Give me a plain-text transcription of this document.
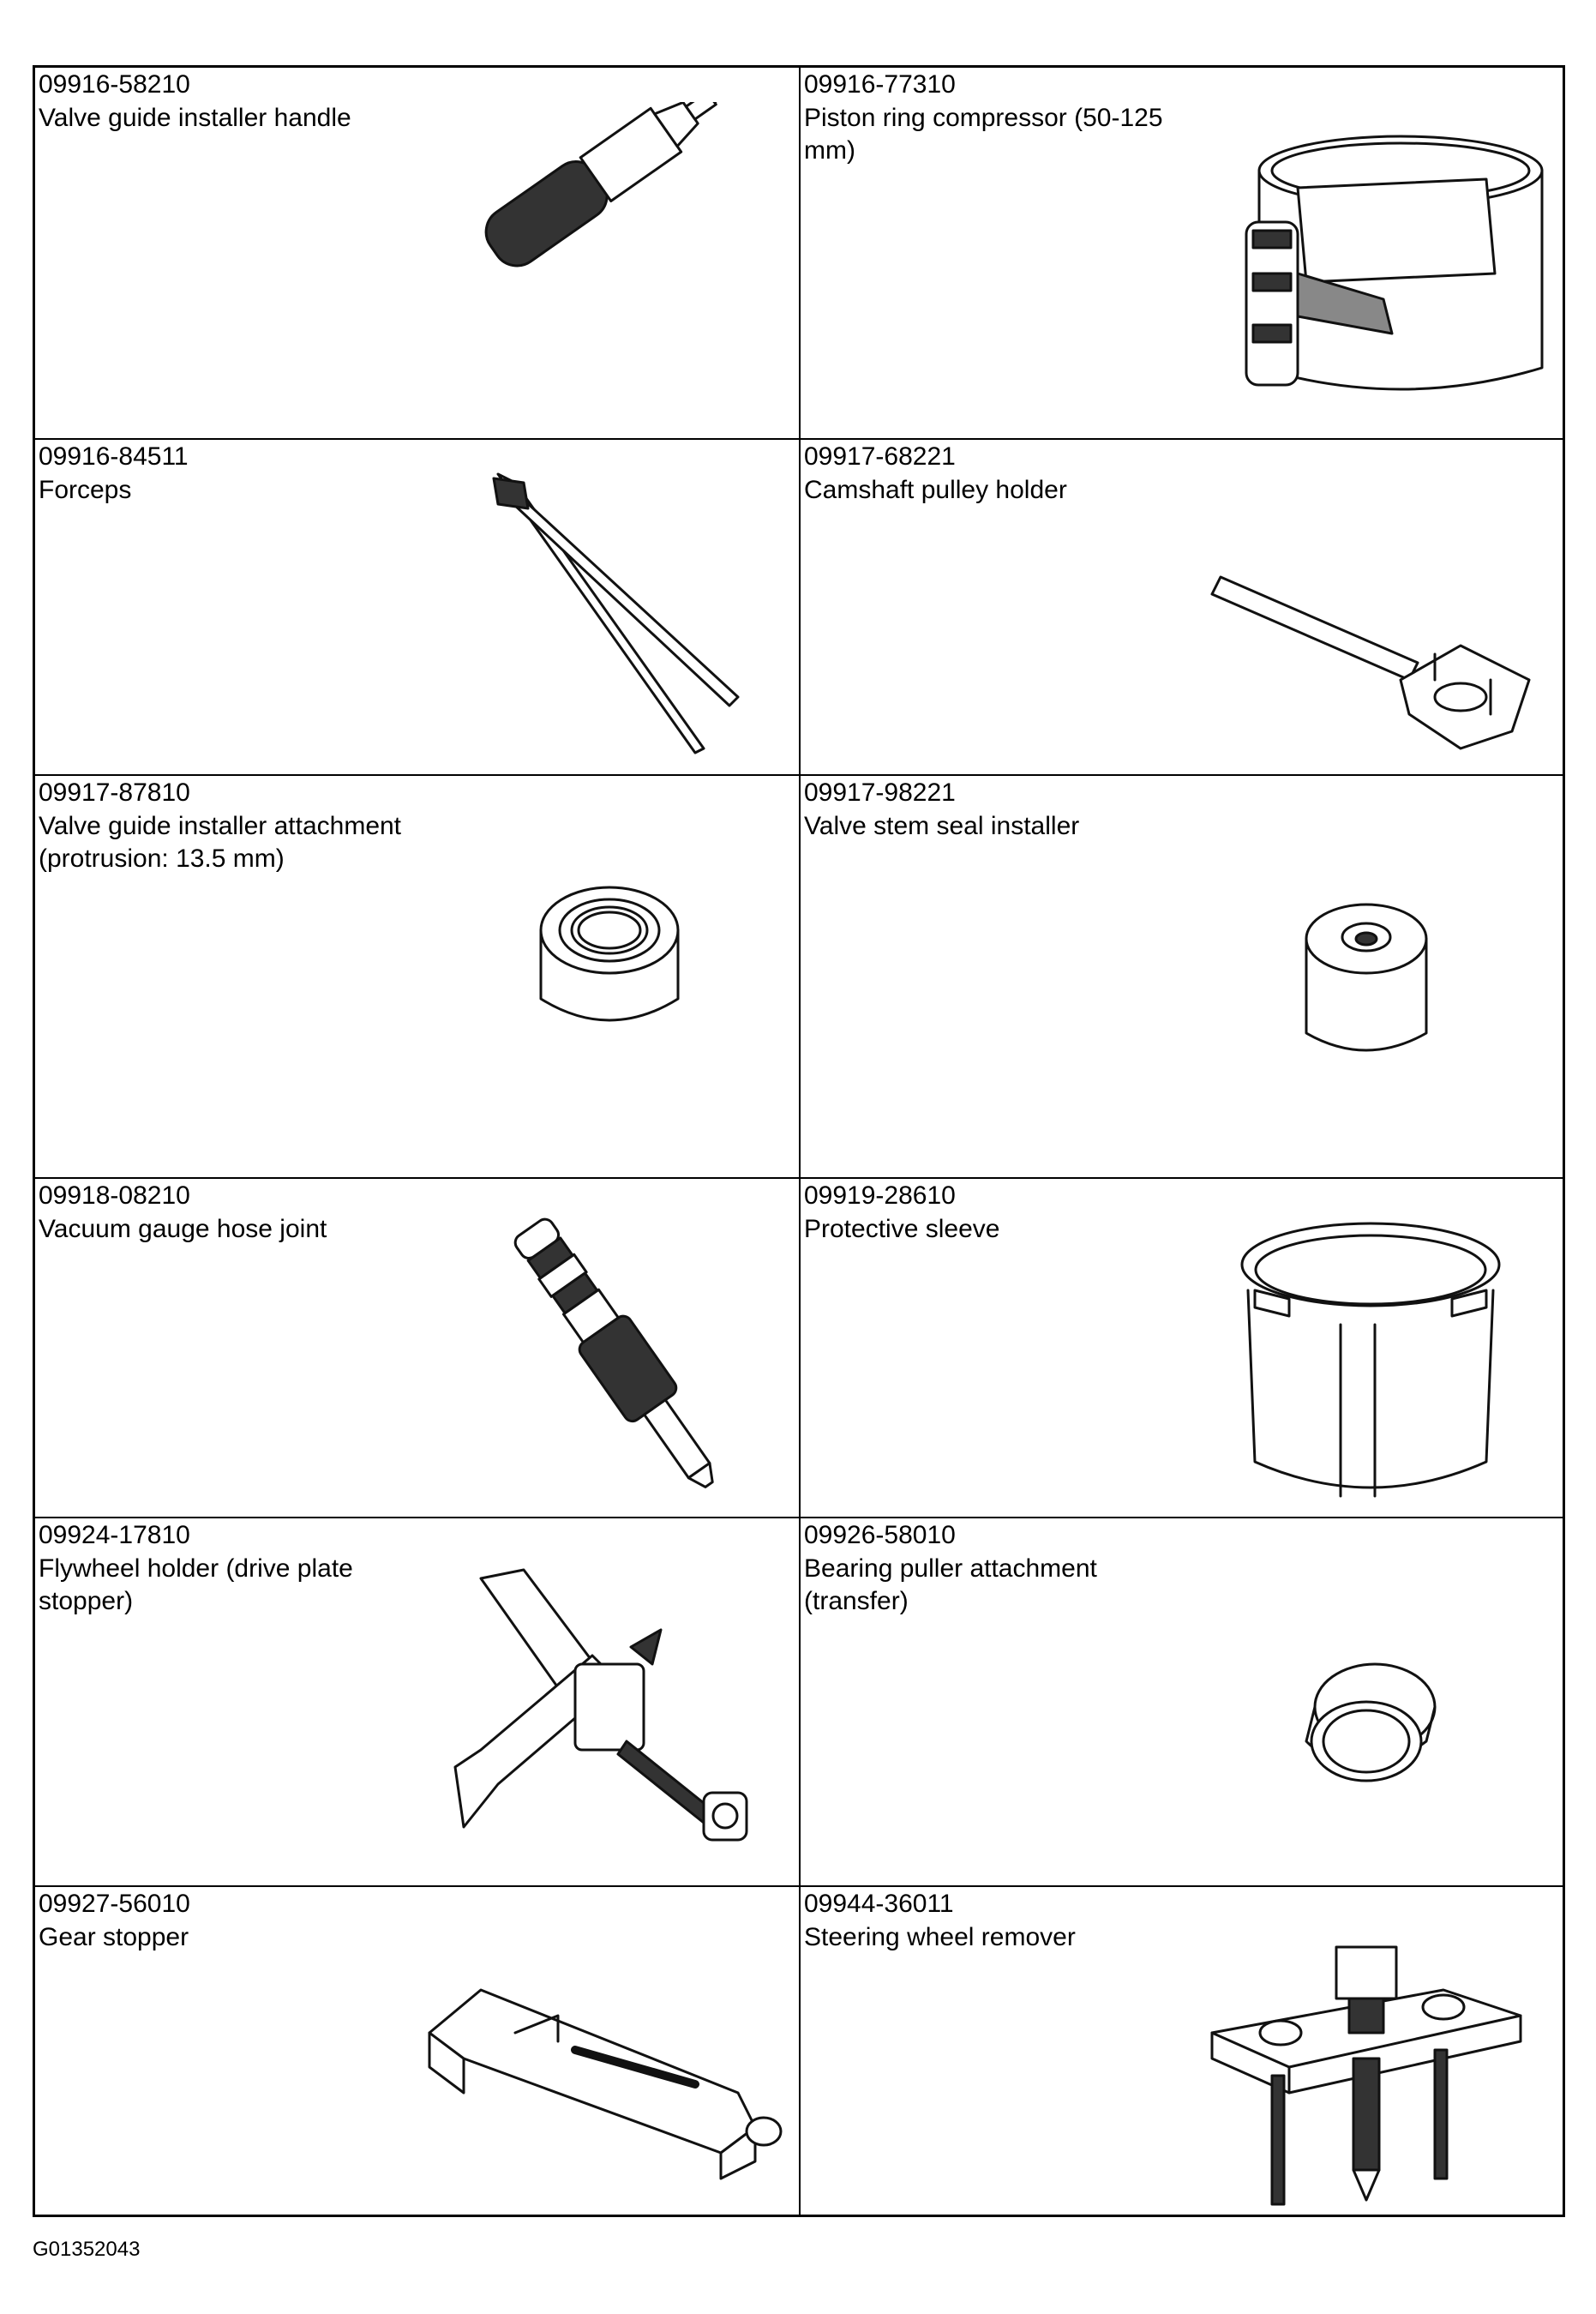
09916-58210
Valve guide installer handle
09916-77310
Piston ring compressor (50-125 mm)
09916-84511
Forceps
09917-68221
Camshaft pulley holder
09917-87810
Valve guide installer attachment (protrusion: 13.5 mm)
09917-98221
Valve stem seal installer
09918-08210
Vacuum gauge hose joint
09919-28610
Protective sleeve
09924-17810
Flywheel holder (drive plate stopper)
09926-58010
Bearing puller attachment (transfer)
09927-56010
Gear stopper
09944-36011
Steering wheel remover
G01352043
